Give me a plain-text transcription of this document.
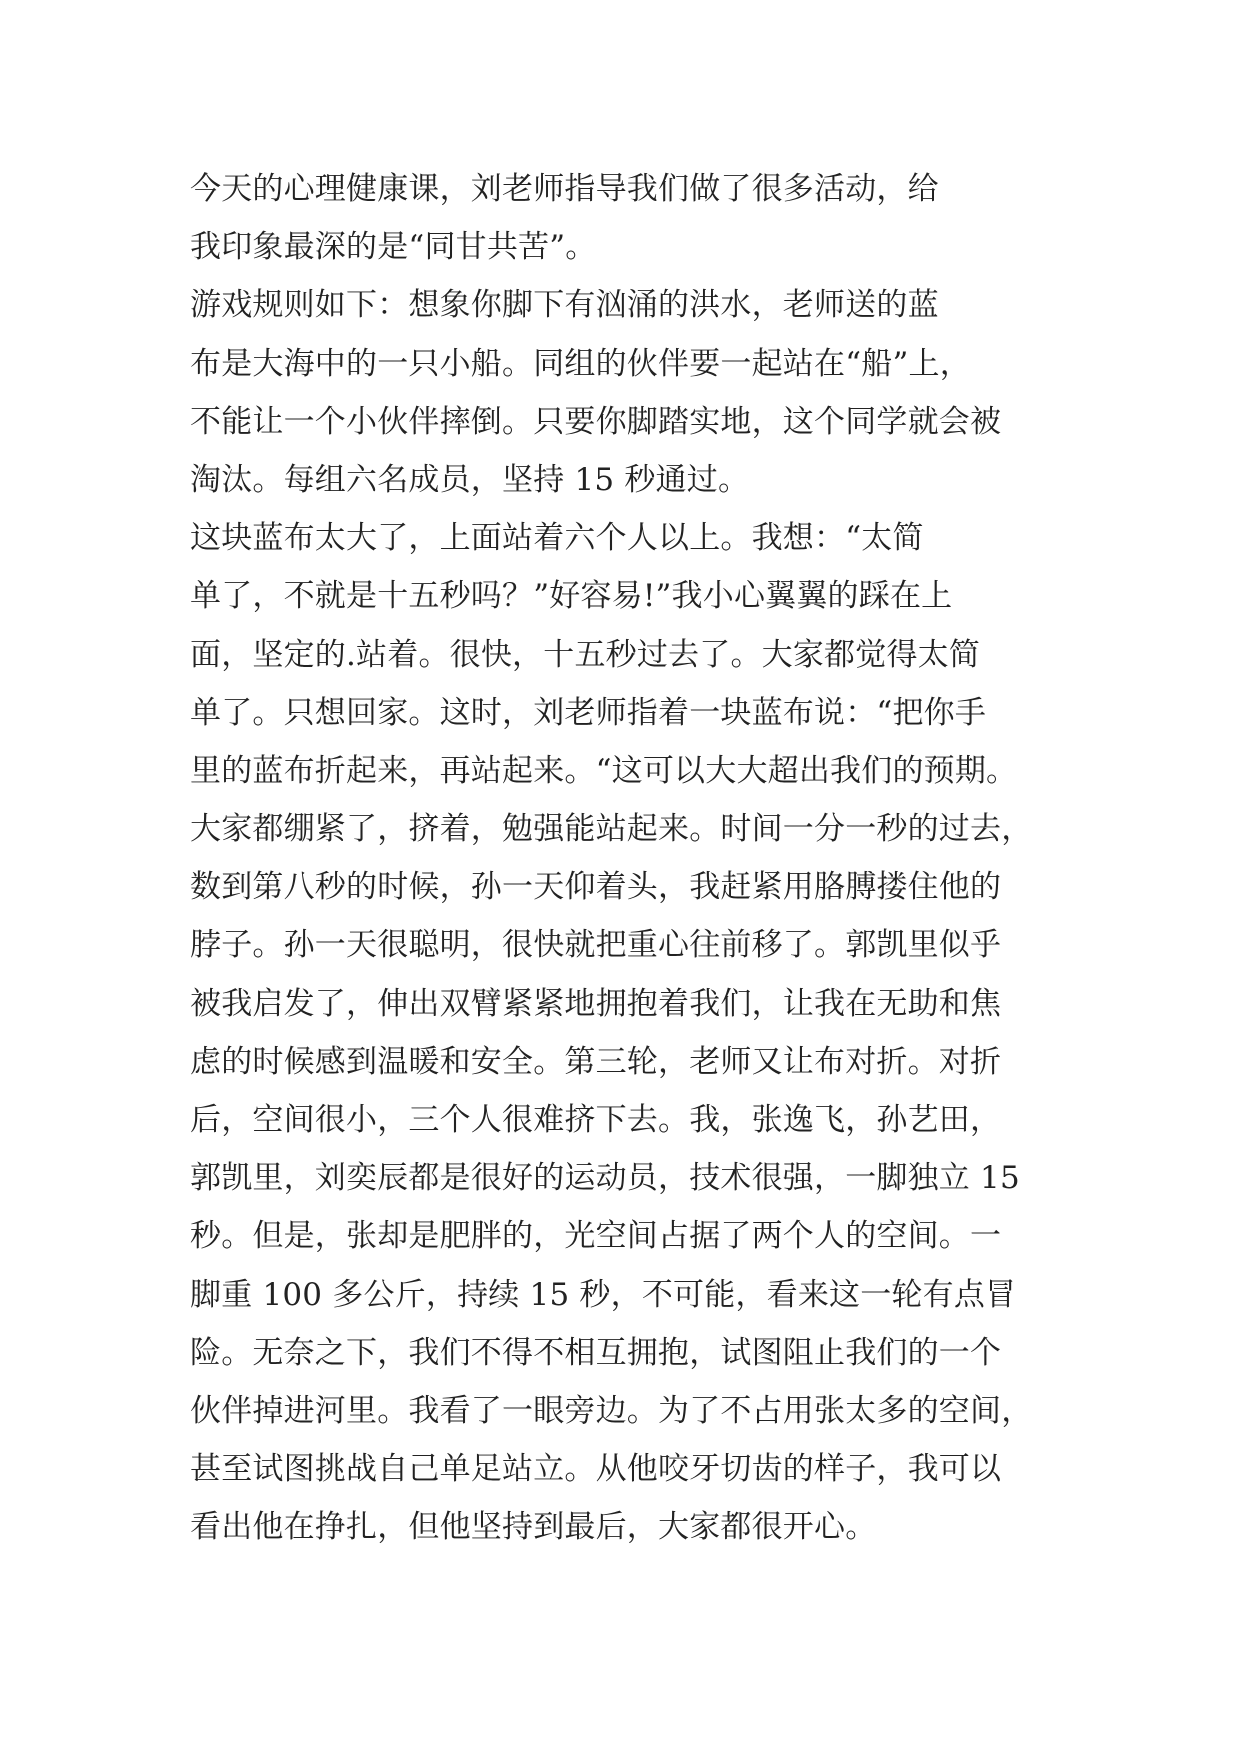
今天的心理健康课，刘老师指导我们做了很多活动，给
我印象最深的是“同甘共苦”。
游戏规则如下：想象你脚下有汹涌的洪水，老师送的蓝
布是大海中的一只小船。同组的伙伴要一起站在“船”上，
不能让一个小伙伴摔倒。只要你脚踏实地，这个同学就会被
淘汰。每组六名成员，坚持 15 秒通过。
这块蓝布太大了，上面站着六个人以上。我想：“太简
单了，不就是十五秒吗？”好容易!”我小心翼翼的踩在上
面，坚定的.站着。很快，十五秒过去了。大家都觉得太简
单了。只想回家。这时，刘老师指着一块蓝布说：“把你手
里的蓝布折起来，再站起来。“这可以大大超出我们的预期。
大家都绷紧了，挤着，勉强能站起来。时间一分一秒的过去，
数到第八秒的时候，孙一天仰着头，我赶紧用胳膊搂住他的
脖子。孙一天很聪明，很快就把重心往前移了。郭凯里似乎
被我启发了，伸出双臂紧紧地拥抱着我们，让我在无助和焦
虑的时候感到温暖和安全。第三轮，老师又让布对折。对折
后，空间很小，三个人很难挤下去。我，张逸飞，孙艺田，
郭凯里，刘奕辰都是很好的运动员，技术很强，一脚独立 15
秒。但是，张却是肥胖的，光空间占据了两个人的空间。一
脚重 100 多公斤，持续 15 秒，不可能，看来这一轮有点冒
险。无奈之下，我们不得不相互拥抱，试图阻止我们的一个
伙伴掉进河里。我看了一眼旁边。为了不占用张太多的空间，
甚至试图挑战自己单足站立。从他咬牙切齿的样子，我可以
看出他在挣扎，但他坚持到最后，大家都很开心。
